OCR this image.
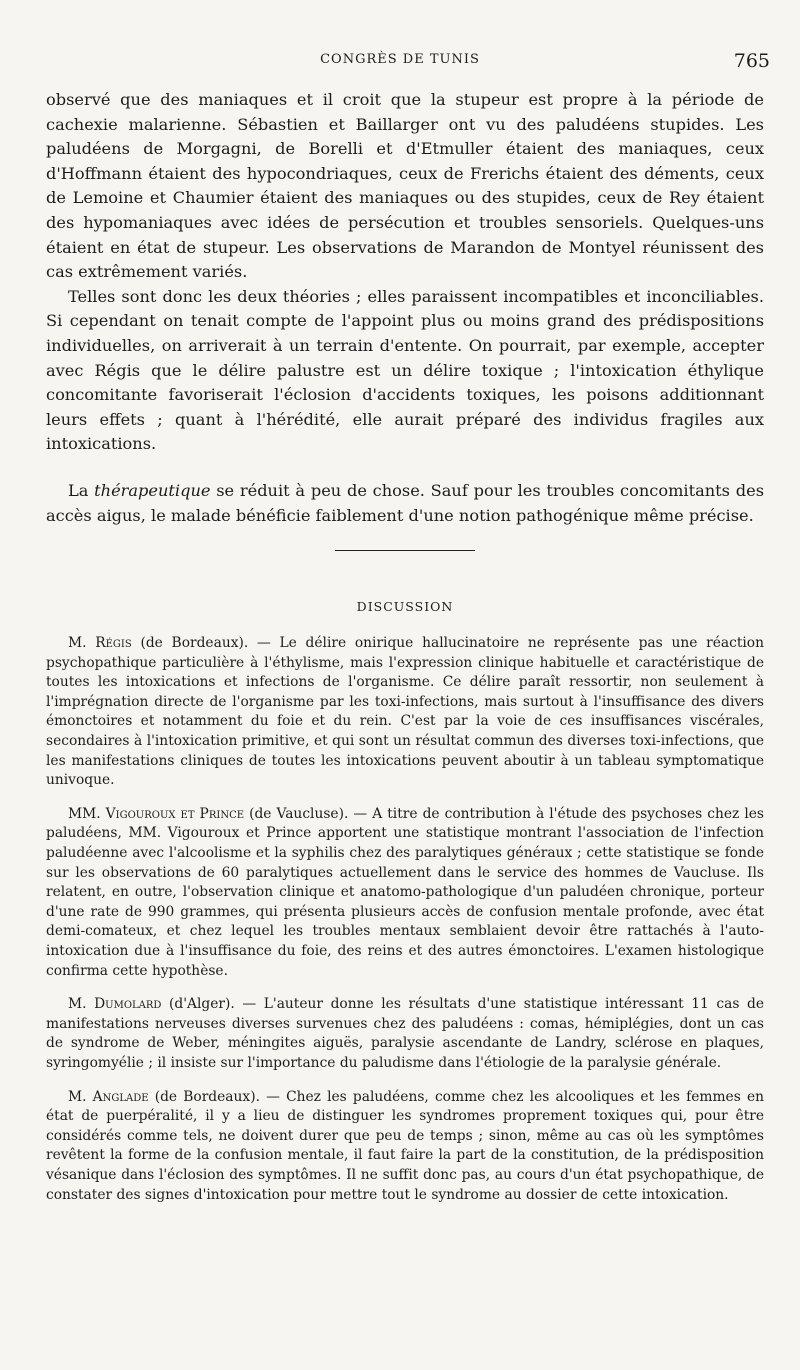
CONGRÈS DE TUNIS	765

observé que des maniaques et il croit que la stupeur est propre à la période de cachexie malarienne. Sébastien et Baillarger ont vu des paludéens stupides. Les paludéens de Morgagni, de Borelli et d'Etmuller étaient des maniaques, ceux d'Hoffmann étaient des hypocondriaques, ceux de Frerichs étaient des déments, ceux de Lemoine et Chaumier étaient des maniaques ou des stupides, ceux de Rey étaient des hypomaniaques avec idées de persécution et troubles sensoriels. Quelques-uns étaient en état de stupeur. Les observations de Marandon de Montyel réunissent des cas extrêmement variés.

Telles sont donc les deux théories ; elles paraissent incompatibles et inconciliables. Si cependant on tenait compte de l'appoint plus ou moins grand des prédispositions individuelles, on arriverait à un terrain d'entente. On pourrait, par exemple, accepter avec Régis que le délire palustre est un délire toxique ; l'intoxication éthylique concomitante favoriserait l'éclosion d'accidents toxiques, les poisons additionnant leurs effets ; quant à l'hérédité, elle aurait préparé des individus fragiles aux intoxications.

La thérapeutique se réduit à peu de chose. Sauf pour les troubles concomitants des accès aigus, le malade bénéficie faiblement d'une notion pathogénique même précise.

DISCUSSION

M. Régis (de Bordeaux). — Le délire onirique hallucinatoire ne représente pas une réaction psychopathique particulière à l'éthylisme, mais l'expression clinique habituelle et caractéristique de toutes les intoxications et infections de l'organisme. Ce délire paraît ressortir, non seulement à l'imprégnation directe de l'organisme par les toxi-infections, mais surtout à l'insuffisance des divers émonctoires et notamment du foie et du rein. C'est par la voie de ces insuffisances viscérales, secondaires à l'intoxication primitive, et qui sont un résultat commun des diverses toxi-infections, que les manifestations cliniques de toutes les intoxications peuvent aboutir à un tableau symptomatique univoque.

MM. Vigouroux et Prince (de Vaucluse). — A titre de contribution à l'étude des psychoses chez les paludéens, MM. Vigouroux et Prince apportent une statistique montrant l'association de l'infection paludéenne avec l'alcoolisme et la syphilis chez des paralytiques généraux ; cette statistique se fonde sur les observations de 60 paralytiques actuellement dans le service des hommes de Vaucluse. Ils relatent, en outre, l'observation clinique et anatomo-pathologique d'un paludéen chronique, porteur d'une rate de 990 grammes, qui présenta plusieurs accès de confusion mentale profonde, avec état demi-comateux, et chez lequel les troubles mentaux semblaient devoir être rattachés à l'auto-intoxication due à l'insuffisance du foie, des reins et des autres émonctoires. L'examen histologique confirma cette hypothèse.

M. Dumolard (d'Alger). — L'auteur donne les résultats d'une statistique intéressant 11 cas de manifestations nerveuses diverses survenues chez des paludéens : comas, hémiplégies, dont un cas de syndrome de Weber, méningites aiguës, paralysie ascendante de Landry, sclérose en plaques, syringomyélie ; il insiste sur l'importance du paludisme dans l'étiologie de la paralysie générale.

M. Anglade (de Bordeaux). — Chez les paludéens, comme chez les alcooliques et les femmes en état de puerpéralité, il y a lieu de distinguer les syndromes proprement toxiques qui, pour être considérés comme tels, ne doivent durer que peu de temps ; sinon, même au cas où les symptômes revêtent la forme de la confusion mentale, il faut faire la part de la constitution, de la prédisposition vésanique dans l'éclosion des symptômes. Il ne suffit donc pas, au cours d'un état psychopathique, de constater des signes d'intoxication pour mettre tout le syndrome au dossier de cette intoxication.
